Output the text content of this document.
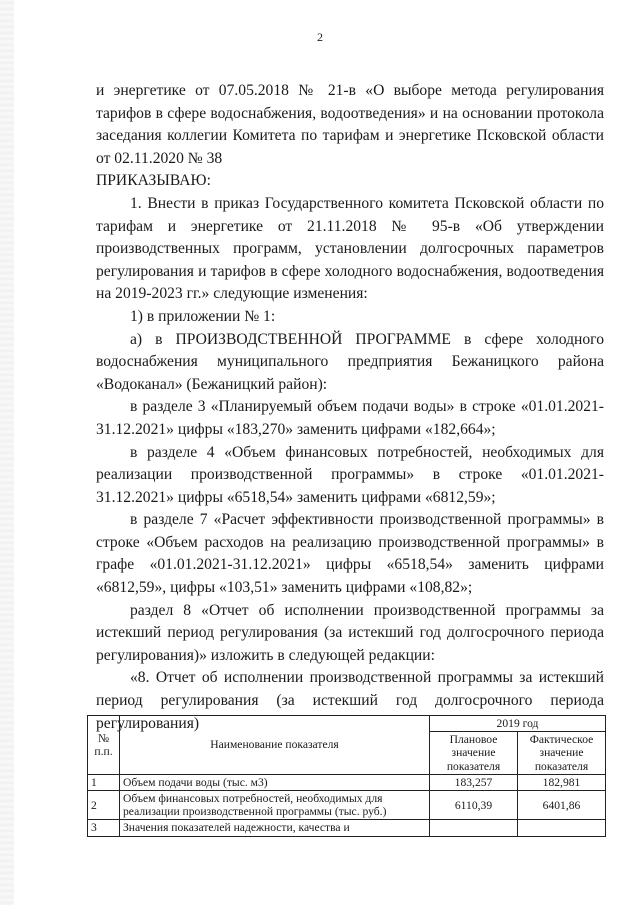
2

и энергетике от 07.05.2018 № 21-в «О выборе метода регулирования тарифов в сфере водоснабжения, водоотведения» и на основании протокола заседания коллегии Комитета по тарифам и энергетике Псковской области от 02.11.2020 № 38

ПРИКАЗЫВАЮ:

1. Внести в приказ Государственного комитета Псковской области по тарифам и энергетике от 21.11.2018 № 95-в «Об утверждении производственных программ, установлении долгосрочных параметров регулирования и тарифов в сфере холодного водоснабжения, водоотведения на 2019-2023 гг.» следующие изменения:

1) в приложении № 1:

а) в ПРОИЗВОДСТВЕННОЙ ПРОГРАММЕ в сфере холодного водоснабжения муниципального предприятия Бежаницкого района «Водоканал» (Бежаницкий район):

в разделе 3 «Планируемый объем подачи воды» в строке «01.01.2021-31.12.2021» цифры «183,270» заменить цифрами «182,664»;

в разделе 4 «Объем финансовых потребностей, необходимых для реализации производственной программы» в строке «01.01.2021-31.12.2021» цифры «6518,54» заменить цифрами «6812,59»;

в разделе 7 «Расчет эффективности производственной программы» в строке «Объем расходов на реализацию производственной программы» в графе «01.01.2021-31.12.2021» цифры «6518,54» заменить цифрами «6812,59», цифры «103,51» заменить цифрами «108,82»;

раздел 8 «Отчет об исполнении производственной программы за истекший период регулирования (за истекший год долгосрочного периода регулирования)» изложить в следующей редакции:

«8. Отчет об исполнении производственной программы за истекший период регулирования (за истекший год долгосрочного периода регулирования)

№ п.п.	Наименование показателя	2019 год	
		Плановое значение показателя	Фактическое значение показателя
1	Объем подачи воды (тыс. м3)	183,257	182,981
2	Объем финансовых потребностей, необходимых для реализации производственной программы (тыс. руб.)	6110,39	6401,86
3	Значения показателей надежности, качества и		
